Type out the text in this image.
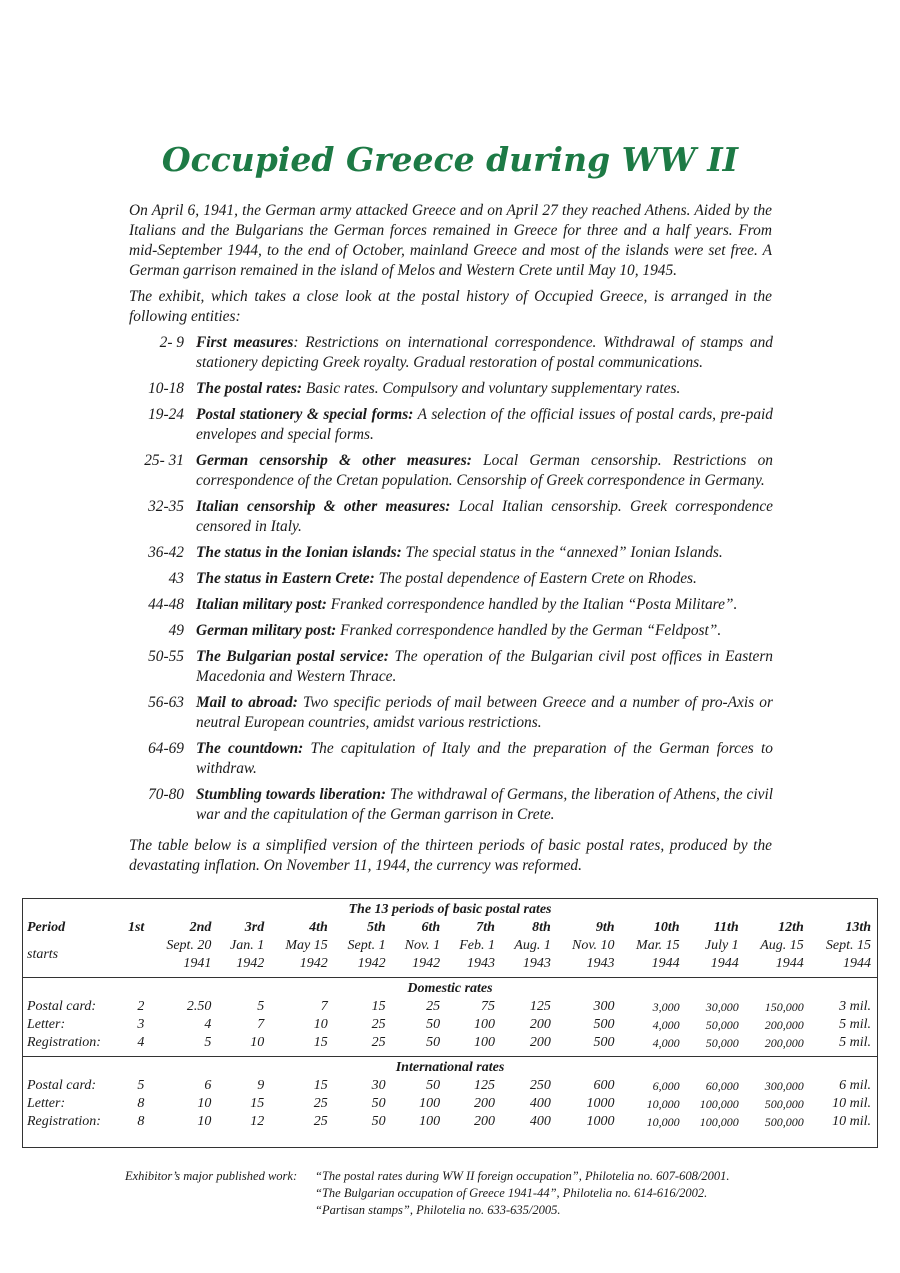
Occupied Greece during WW II

On April 6, 1941, the German army attacked Greece and on April 27 they reached Athens. Aided by the Italians and the Bulgarians the German forces remained in Greece for three and a half years. From mid-September 1944, to the end of October, mainland Greece and most of the islands were set free. A German garrison remained in the island of Melos and Western Crete until May 10, 1945.

The exhibit, which takes a close look at the postal history of Occupied Greece, is arranged in the following entities:

2- 9 First measures: Restrictions on international correspondence. Withdrawal of stamps and stationery depicting Greek royalty. Gradual restoration of postal communications.
10-18 The postal rates: Basic rates. Compulsory and voluntary supplementary rates.
19-24 Postal stationery & special forms: A selection of the official issues of postal cards, pre-paid envelopes and special forms.
25- 31 German censorship & other measures: Local German censorship. Restrictions on correspondence of the Cretan population. Censorship of Greek correspondence in Germany.
32-35 Italian censorship & other measures: Local Italian censorship. Greek correspondence censored in Italy.
36-42 The status in the Ionian islands: The special status in the “annexed” Ionian Islands.
43 The status in Eastern Crete: The postal dependence of Eastern Crete on Rhodes.
44-48 Italian military post: Franked correspondence handled by the Italian “Posta Militare”.
49 German military post: Franked correspondence handled by the German “Feldpost”.
50-55 The Bulgarian postal service: The operation of the Bulgarian civil post offices in Eastern Macedonia and Western Thrace.
56-63 Mail to abroad: Two specific periods of mail between Greece and a number of pro-Axis or neutral European countries, amidst various restrictions.
64-69 The countdown: The capitulation of Italy and the preparation of the German forces to withdraw.
70-80 Stumbling towards liberation: The withdrawal of Germans, the liberation of Athens, the civil war and the capitulation of the German garrison in Crete.

The table below is a simplified version of the thirteen periods of basic postal rates, produced by the devastating inflation. On November 11, 1944, the currency was reformed.

The 13 periods of basic postal rates													
Period	1st	2nd	3rd	4th	5th	6th	7th	8th	9th	10th	11th	12th	13th
starts		Sept. 20	Jan. 1	May 15	Sept. 1	Nov. 1	Feb. 1	Aug. 1	Nov. 10	Mar. 15	July 1	Aug. 15	Sept. 15
		1941	1942	1942	1942	1942	1943	1943	1943	1944	1944	1944	1944

Domestic rates													
Postal card:	2	2.50	5	7	15	25	75	125	300	3,000	30,000	150,000	3 mil.
Letter:	3	4	7	10	25	50	100	200	500	4,000	50,000	200,000	5 mil.
Registration:	4	5	10	15	25	50	100	200	500	4,000	50,000	200,000	5 mil.

International rates													
Postal card:	5	6	9	15	30	50	125	250	600	6,000	60,000	300,000	6 mil.
Letter:	8	10	15	25	50	100	200	400	1000	10,000	100,000	500,000	10 mil.
Registration:	8	10	12	25	50	100	200	400	1000	10,000	100,000	500,000	10 mil.

Exhibitor’s major published work:	“The postal rates during WW II foreign occupation”, Philotelia no. 607-608/2001.
“The Bulgarian occupation of Greece 1941-44”, Philotelia no. 614-616/2002.
“Partisan stamps”, Philotelia no. 633-635/2005.
